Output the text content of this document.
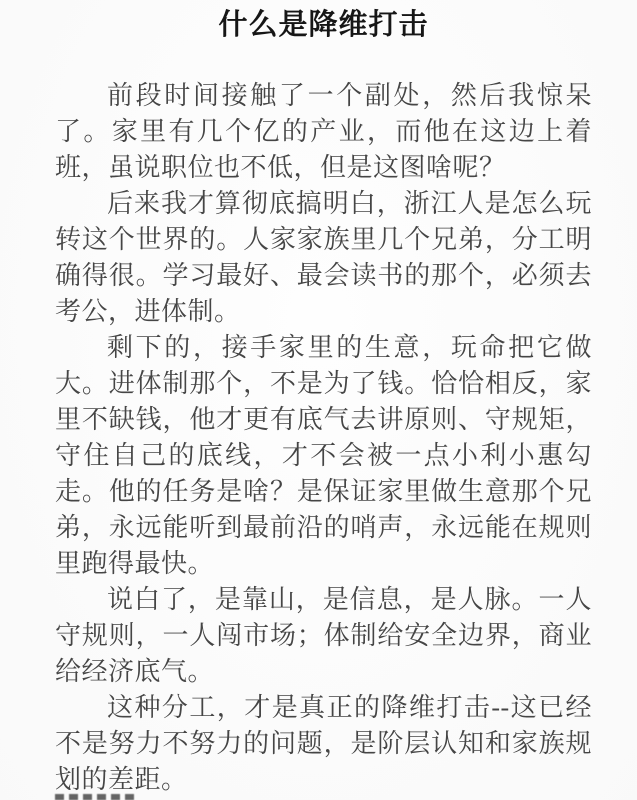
什么是降维打击

前段时间接触了一个副处，然后我惊呆了。家里有几个亿的产业，而他在这边上着班，虽说职位也不低，但是这图啥呢？

后来我才算彻底搞明白，浙江人是怎么玩转这个世界的。人家家族里几个兄弟，分工明确得很。学习最好、最会读书的那个，必须去考公，进体制。

剩下的，接手家里的生意，玩命把它做大。进体制那个，不是为了钱。恰恰相反，家里不缺钱，他才更有底气去讲原则、守规矩，守住自己的底线，才不会被一点小利小惠勾走。他的任务是啥？是保证家里做生意那个兄弟，永远能听到最前沿的哨声，永远能在规则里跑得最快。

说白了，是靠山，是信息，是人脉。一人守规则，一人闯市场；体制给安全边界，商业给经济底气。

这种分工，才是真正的降维打击--这已经不是努力不努力的问题，是阶层认知和家族规划的差距。
